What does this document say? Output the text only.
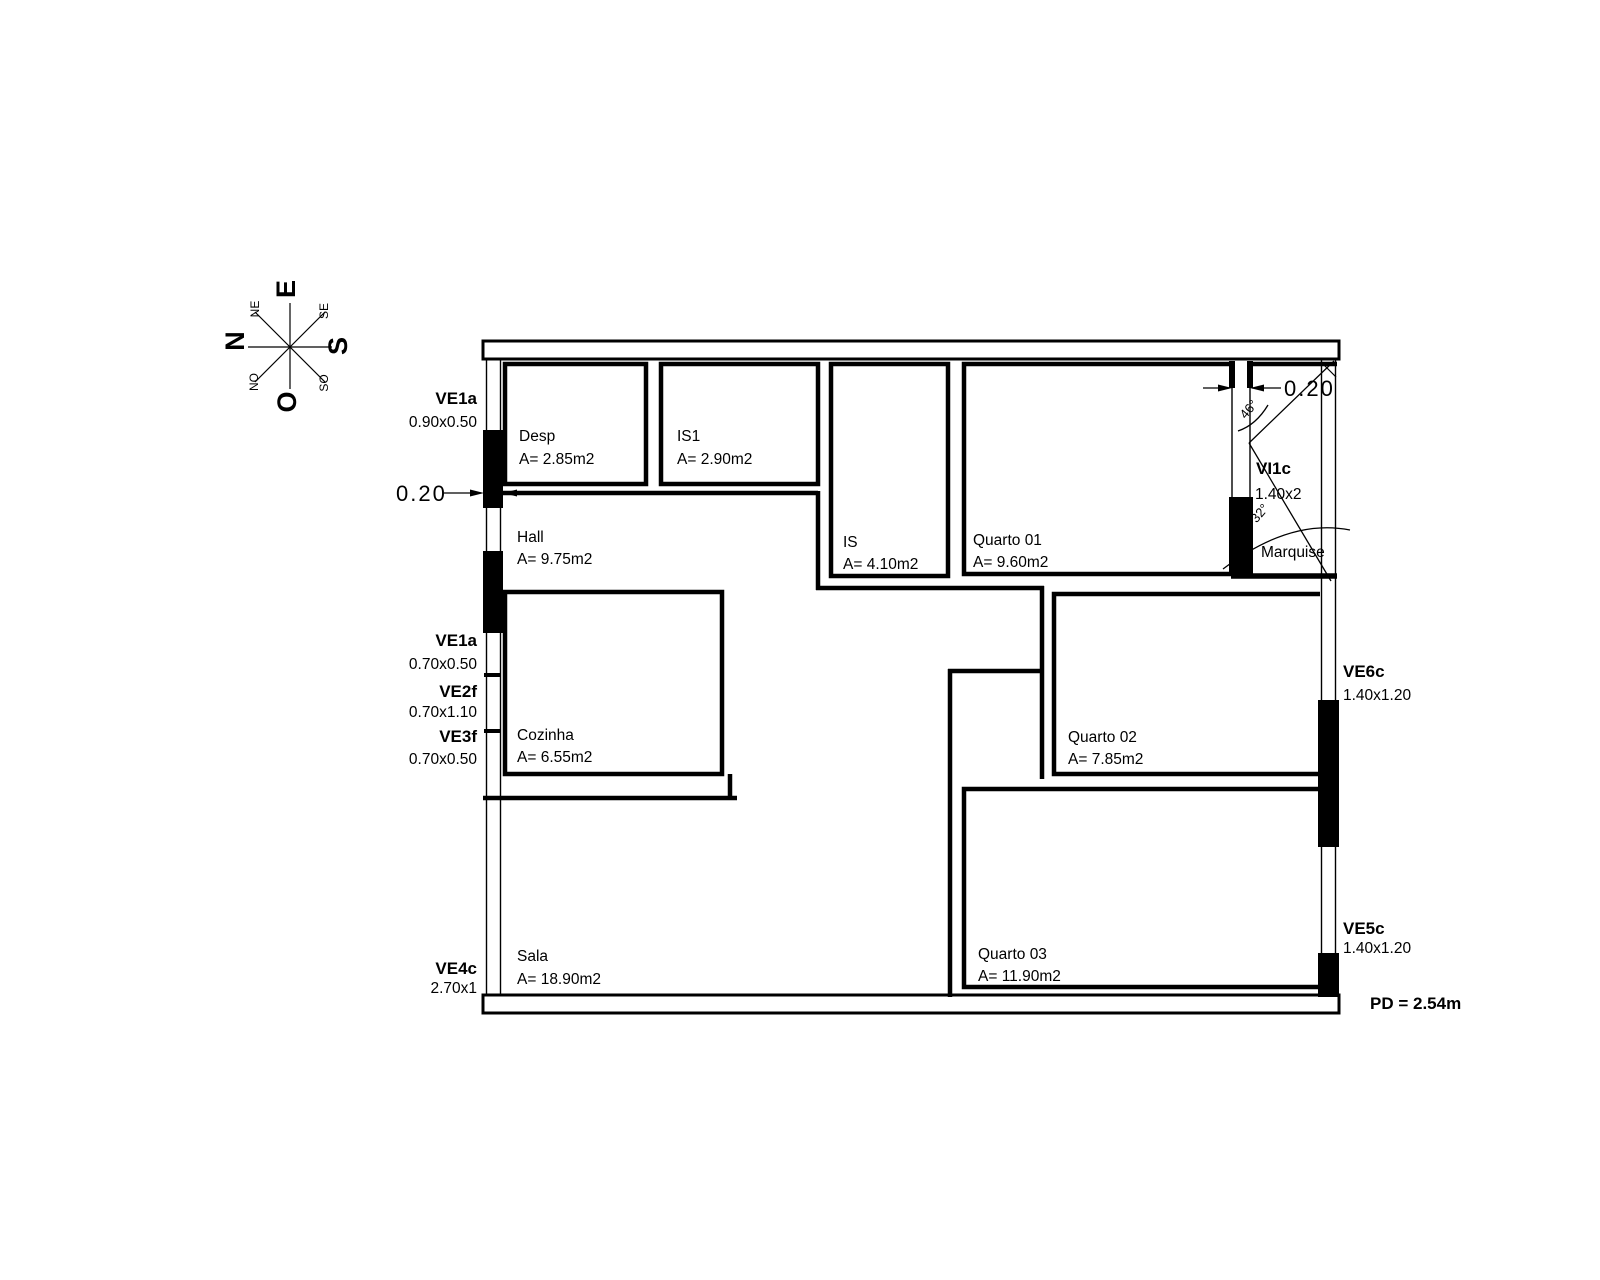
E
N	S
O
NE	SE
NO	SO
46°
32°
0.20
0.20
Desp
A= 2.85m2
IS1
A= 2.90m2
IS
A= 4.10m2
Quarto 01
A= 9.60m2
Hall
A= 9.75m2
Cozinha
A= 6.55m2
Quarto 02
A= 7.85m2
Sala
A= 18.90m2
Quarto 03
A= 11.90m2
Marquise
VE1a
0.90x0.50
VE1a
0.70x0.50
VE2f
0.70x1.10
VE3f
0.70x0.50
VE4c
2.70x1
VE6c
1.40x1.20
VE5c
1.40x1.20
VI1c
1.40x2
PD = 2.54m
